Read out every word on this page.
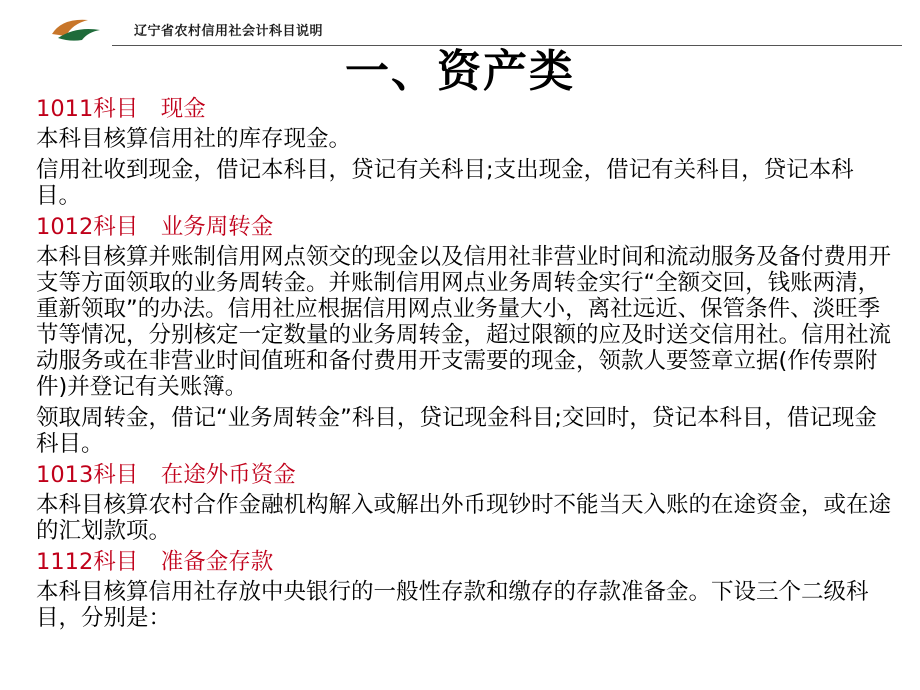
辽宁省农村信用社会计科目说明
一、资产类
1011科目　现金
本科目核算信用社的库存现金。
信用社收到现金，借记本科目，贷记有关科目;支出现金，借记有关科目，贷记本科目。
1012科目　业务周转金
本科目核算并账制信用网点领交的现金以及信用社非营业时间和流动服务及备付费用开支等方面领取的业务周转金。并账制信用网点业务周转金实行“全额交回，钱账两清，重新领取”的办法。信用社应根据信用网点业务量大小，离社远近、保管条件、淡旺季节等情况，分别核定一定数量的业务周转金，超过限额的应及时送交信用社。信用社流动服务或在非营业时间值班和备付费用开支需要的现金，领款人要签章立据(作传票附件)并登记有关账簿。
领取周转金，借记“业务周转金”科目，贷记现金科目;交回时，贷记本科目，借记现金科目。
1013科目　在途外币资金
本科目核算农村合作金融机构解入或解出外币现钞时不能当天入账的在途资金，或在途的汇划款项。
1112科目　准备金存款
本科目核算信用社存放中央银行的一般性存款和缴存的存款准备金。下设三个二级科目，分别是：
